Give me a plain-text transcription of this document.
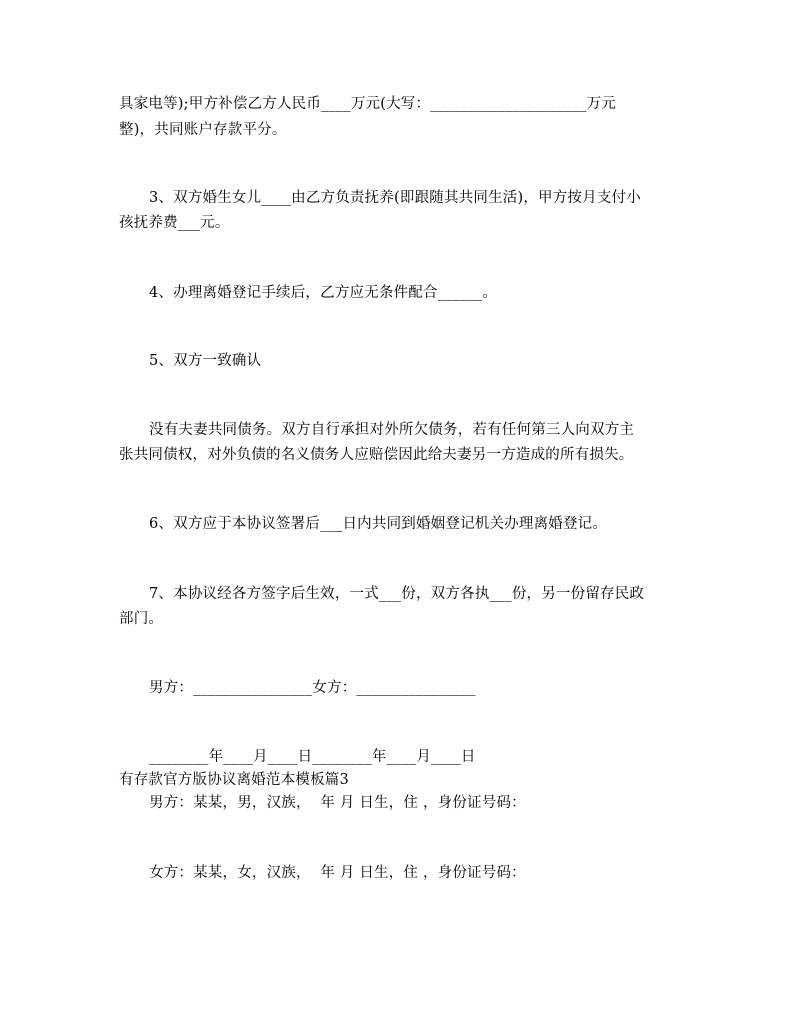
具家电等);甲方补偿乙方人民币____万元(大写：_____________________万元
整)，共同账户存款平分。
3、双方婚生女儿____由乙方负责抚养(即跟随其共同生活)，甲方按月支付小
孩抚养费___元。
4、办理离婚登记手续后，乙方应无条件配合______。
5、双方一致确认
没有夫妻共同债务。双方自行承担对外所欠债务，若有任何第三人向双方主
张共同债权，对外负债的名义债务人应赔偿因此给夫妻另一方造成的所有损失。
6、双方应于本协议签署后___日内共同到婚姻登记机关办理离婚登记。
7、本协议经各方签字后生效，一式___份，双方各执___份，另一份留存民政
部门。
男方：________________女方：________________
________年____月____日________年____月____日
有存款官方版协议离婚范本模板篇3
男方：某某，男，汉族，  年 月 日生，住 ，身份证号码：
女方：某某，女，汉族，  年 月 日生，住 ，身份证号码：
